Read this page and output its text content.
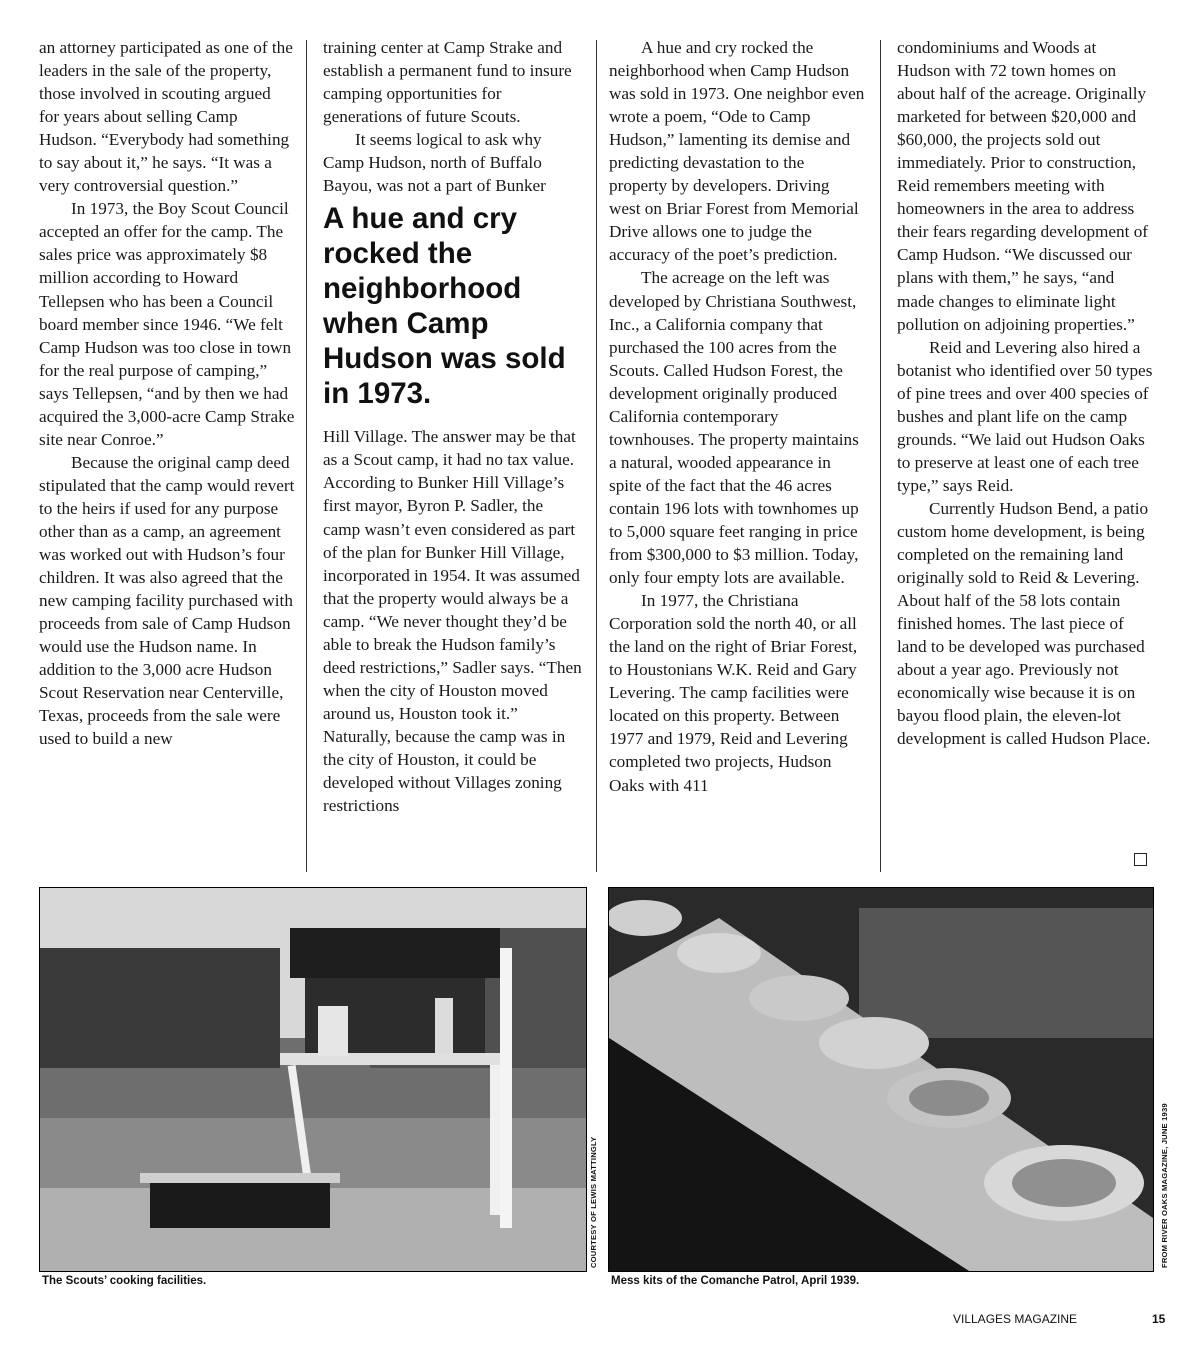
an attorney participated as one of the leaders in the sale of the property, those involved in scouting argued for years about selling Camp Hudson. “Everybody had something to say about it,” he says. “It was a very controversial question.”

In 1973, the Boy Scout Council accepted an offer for the camp. The sales price was approximately $8 million according to Howard Tellepsen who has been a Council board member since 1946. “We felt Camp Hudson was too close in town for the real purpose of camping,” says Tellepsen, “and by then we had acquired the 3,000-acre Camp Strake site near Conroe.”

Because the original camp deed stipulated that the camp would revert to the heirs if used for any purpose other than as a camp, an agreement was worked out with Hudson’s four children. It was also agreed that the new camping facility purchased with proceeds from sale of Camp Hudson would use the Hudson name. In addition to the 3,000 acre Hudson Scout Reservation near Centerville, Texas, proceeds from the sale were used to build a new

training center at Camp Strake and establish a permanent fund to insure camping opportunities for generations of future Scouts.

It seems logical to ask why Camp Hudson, north of Buffalo Bayou, was not a part of Bunker

A hue and cry rocked the neighborhood when Camp Hudson was sold in 1973.

Hill Village. The answer may be that as a Scout camp, it had no tax value. According to Bunker Hill Village’s first mayor, Byron P. Sadler, the camp wasn’t even considered as part of the plan for Bunker Hill Village, incorporated in 1954. It was assumed that the property would always be a camp. “We never thought they’d be able to break the Hudson family’s deed restrictions,” Sadler says. “Then when the city of Houston moved around us, Houston took it.” Naturally, because the camp was in the city of Houston, it could be developed without Villages zoning restrictions

A hue and cry rocked the neighborhood when Camp Hudson was sold in 1973. One neighbor even wrote a poem, “Ode to Camp Hudson,” lamenting its demise and predicting devastation to the property by developers. Driving west on Briar Forest from Memorial Drive allows one to judge the accuracy of the poet’s prediction.

The acreage on the left was developed by Christiana Southwest, Inc., a California company that purchased the 100 acres from the Scouts. Called Hudson Forest, the development originally produced California contemporary townhouses. The property maintains a natural, wooded appearance in spite of the fact that the 46 acres contain 196 lots with townhomes up to 5,000 square feet ranging in price from $300,000 to $3 million. Today, only four empty lots are available.

In 1977, the Christiana Corporation sold the north 40, or all the land on the right of Briar Forest, to Houstonians W.K. Reid and Gary Levering. The camp facilities were located on this property. Between 1977 and 1979, Reid and Levering completed two projects, Hudson Oaks with 411

condominiums and Woods at Hudson with 72 town homes on about half of the acreage. Originally marketed for between $20,000 and $60,000, the projects sold out immediately. Prior to construction, Reid remembers meeting with homeowners in the area to address their fears regarding development of Camp Hudson. “We discussed our plans with them,” he says, “and made changes to eliminate light pollution on adjoining properties.”

Reid and Levering also hired a botanist who identified over 50 types of pine trees and over 400 species of bushes and plant life on the camp grounds. “We laid out Hudson Oaks to preserve at least one of each tree type,” says Reid.

Currently Hudson Bend, a patio custom home development, is being completed on the remaining land originally sold to Reid & Levering. About half of the 58 lots contain finished homes. The last piece of land to be developed was purchased about a year ago. Previously not economically wise because it is on bayou flood plain, the eleven-lot development is called Hudson Place.

The Scouts’ cooking facilities.
COURTESY OF LEWIS MATTINGLY
Mess kits of the Comanche Patrol, April 1939.
FROM RIVER OAKS MAGAZINE, JUNE 1939
VILLAGES MAGAZINE	15
